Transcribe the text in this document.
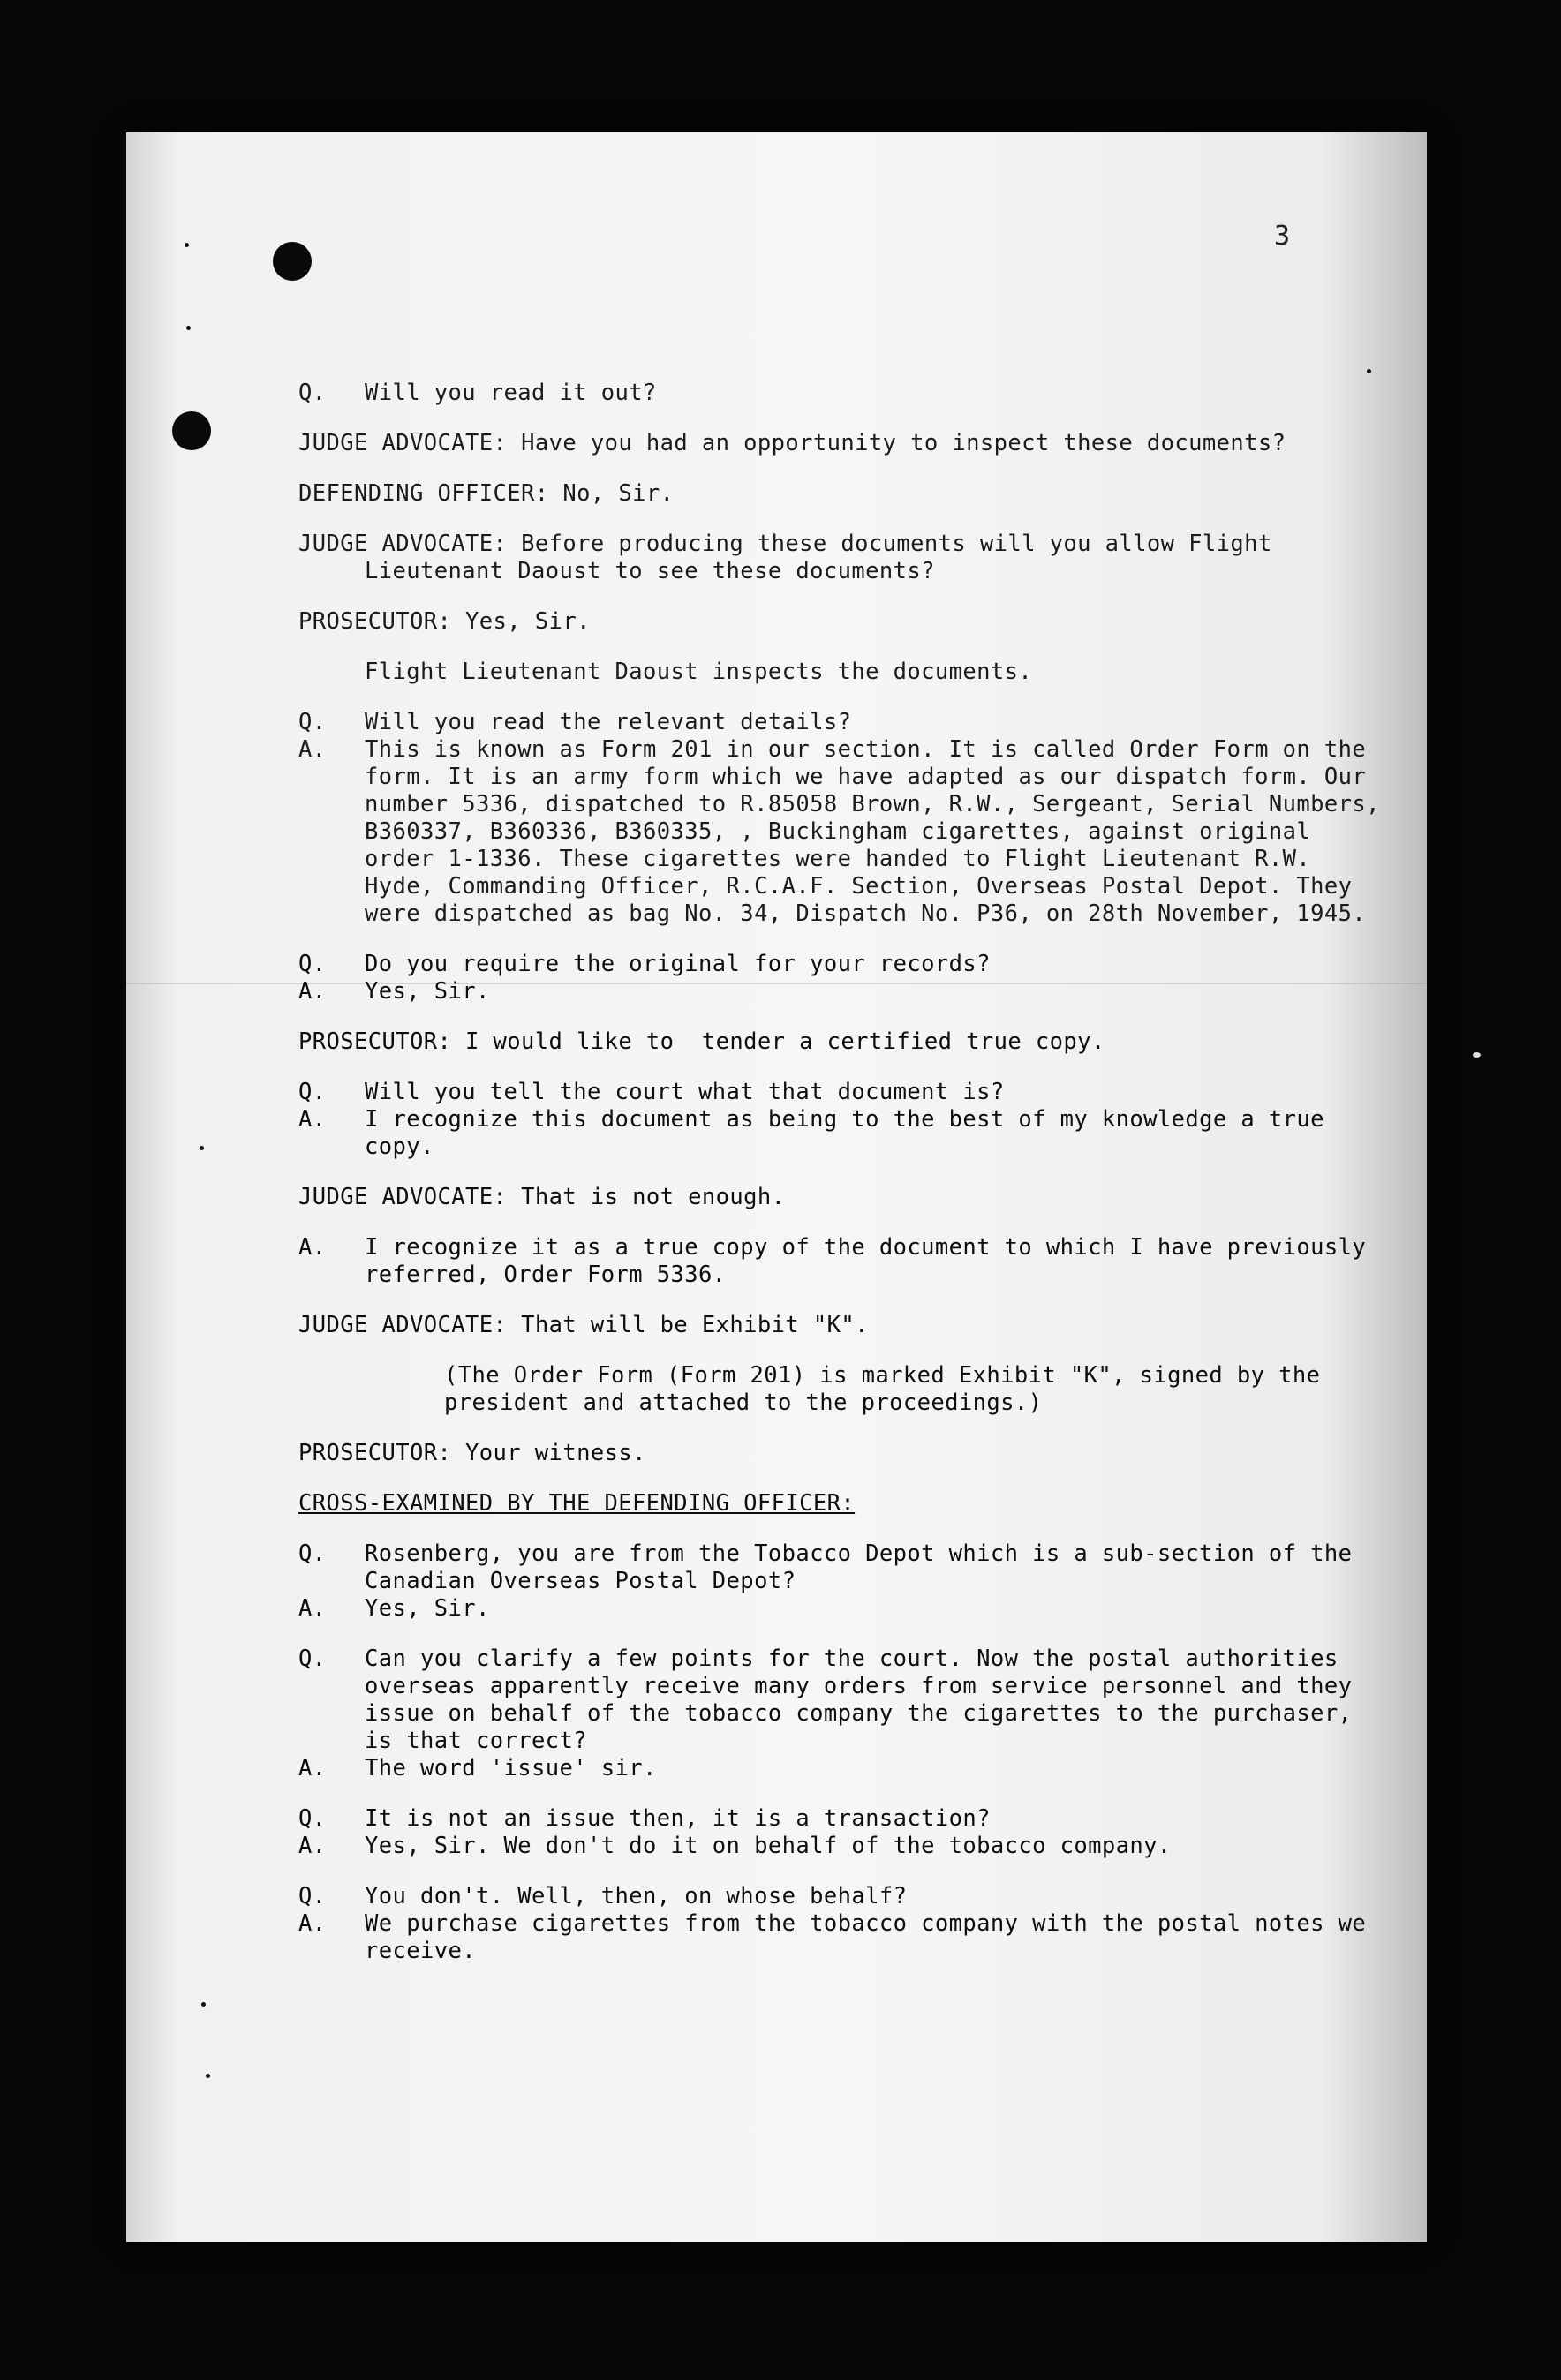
3
Q.	Will you read it out?

JUDGE ADVOCATE: Have you had an opportunity to inspect these documents?

DEFENDING OFFICER: No, Sir.

JUDGE ADVOCATE: Before producing these documents will you allow Flight Lieutenant Daoust to see these documents?

PROSECUTOR: Yes, Sir.

Flight Lieutenant Daoust inspects the documents.

Q.	Will you read the relevant details?
A.	This is known as Form 201 in our section. It is called Order Form on the form. It is an army form which we have adapted as our dispatch form. Our number 5336, dispatched to R.85058 Brown, R.W., Sergeant, Serial Numbers, B360337, B360336, B360335, , Buckingham cigarettes, against original order 1-1336. These cigarettes were handed to Flight Lieutenant R.W. Hyde, Commanding Officer, R.C.A.F. Section, Overseas Postal Depot. They were dispatched as bag No. 34, Dispatch No. P36, on 28th November, 1945.
Q.	Do you require the original for your records?
A.	Yes, Sir.

PROSECUTOR: I would like to  tender a certified true copy.

Q.	Will you tell the court what that document is?
A.	I recognize this document as being to the best of my knowledge a true copy.

JUDGE ADVOCATE: That is not enough.

A.	I recognize it as a true copy of the document to which I have previously referred, Order Form 5336.

JUDGE ADVOCATE: That will be Exhibit "K".

(The Order Form (Form 201) is marked Exhibit "K", signed by the president and attached to the proceedings.)

PROSECUTOR: Your witness.

CROSS-EXAMINED BY THE DEFENDING OFFICER:

Q.	Rosenberg, you are from the Tobacco Depot which is a sub-section of the Canadian Overseas Postal Depot?
A.	Yes, Sir.
Q.	Can you clarify a few points for the court. Now the postal authorities overseas apparently receive many orders from service personnel and they issue on behalf of the tobacco company the cigarettes to the purchaser, is that correct?
A.	The word 'issue' sir.
Q.	It is not an issue then, it is a transaction?
A.	Yes, Sir. We don't do it on behalf of the tobacco company.
Q.	You don't. Well, then, on whose behalf?
A.	We purchase cigarettes from the tobacco company with the postal notes we receive.
